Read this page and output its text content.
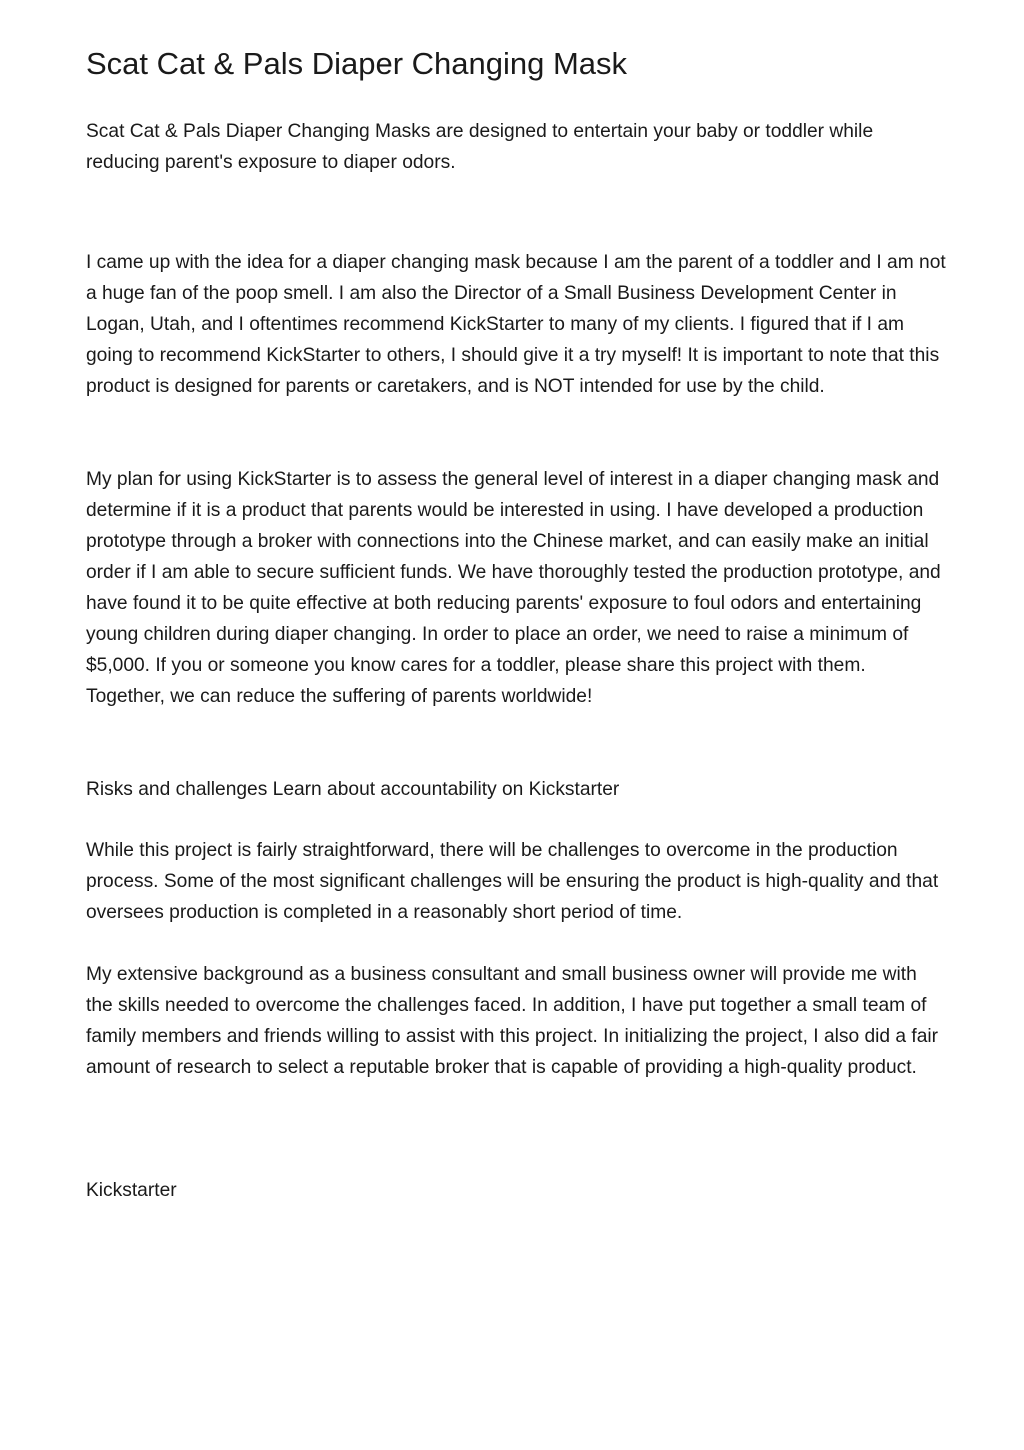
Scat Cat & Pals Diaper Changing Mask

Scat Cat & Pals Diaper Changing Masks are designed to entertain your baby or toddler while reducing parent's exposure to diaper odors.

I came up with the idea for a diaper changing mask because I am the parent of a toddler and I am not a huge fan of the poop smell. I am also the Director of a Small Business Development Center in Logan, Utah, and I oftentimes recommend KickStarter to many of my clients. I figured that if I am going to recommend KickStarter to others, I should give it a try myself! It is important to note that this product is designed for parents or caretakers, and is NOT intended for use by the child.

My plan for using KickStarter is to assess the general level of interest in a diaper changing mask and determine if it is a product that parents would be interested in using. I have developed a production prototype through a broker with connections into the Chinese market, and can easily make an initial order if I am able to secure sufficient funds. We have thoroughly tested the production prototype, and have found it to be quite effective at both reducing parents' exposure to foul odors and entertaining young children during diaper changing. In order to place an order, we need to raise a minimum of $5,000. If you or someone you know cares for a toddler, please share this project with them. Together, we can reduce the suffering of parents worldwide!

Risks and challenges Learn about accountability on Kickstarter

While this project is fairly straightforward, there will be challenges to overcome in the production process. Some of the most significant challenges will be ensuring the product is high-quality and that oversees production is completed in a reasonably short period of time.

My extensive background as a business consultant and small business owner will provide me with the skills needed to overcome the challenges faced. In addition, I have put together a small team of family members and friends willing to assist with this project. In initializing the project, I also did a fair amount of research to select a reputable broker that is capable of providing a high-quality product.

Kickstarter
